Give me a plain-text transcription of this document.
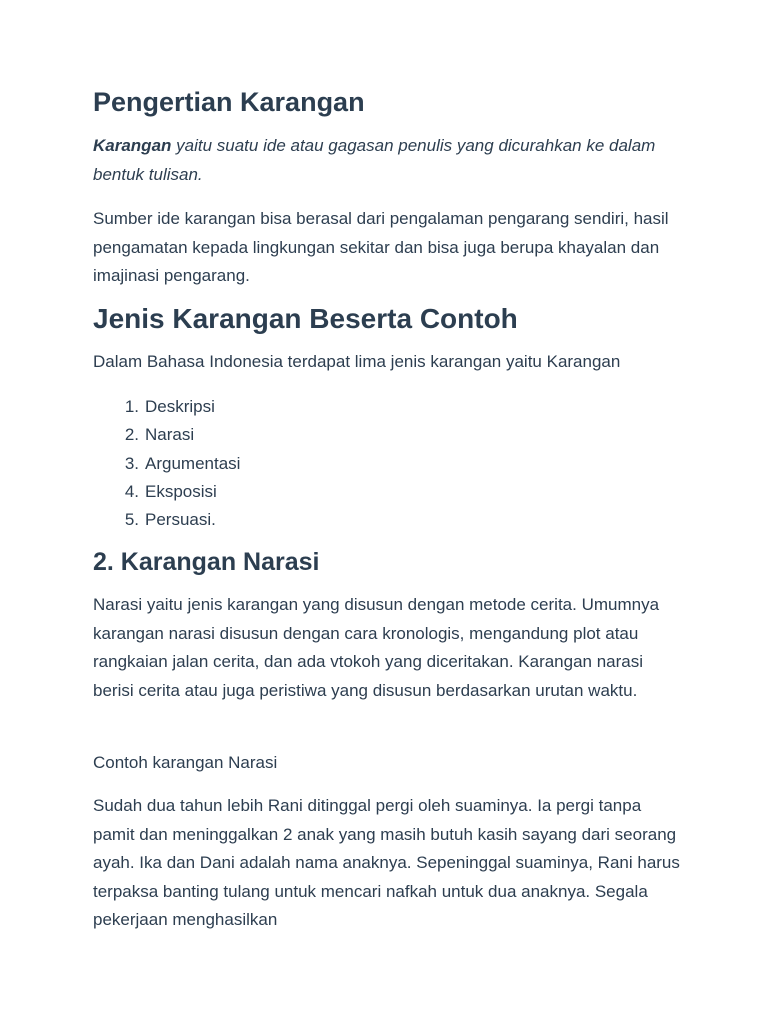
Pengertian Karangan

Karangan yaitu suatu ide atau gagasan penulis yang dicurahkan ke dalam bentuk tulisan.

Sumber ide karangan bisa berasal dari pengalaman pengarang sendiri, hasil pengamatan kepada lingkungan sekitar dan bisa juga berupa khayalan dan imajinasi pengarang.

Jenis Karangan Beserta Contoh

Dalam Bahasa Indonesia terdapat lima jenis karangan yaitu Karangan

1. Deskripsi
2. Narasi
3. Argumentasi
4. Eksposisi
5. Persuasi.
2. Karangan Narasi

Narasi yaitu jenis karangan yang disusun dengan metode cerita. Umumnya karangan narasi disusun dengan cara kronologis, mengandung plot atau rangkaian jalan cerita, dan ada vtokoh yang diceritakan. Karangan narasi berisi cerita atau juga peristiwa yang disusun berdasarkan urutan waktu.

Contoh karangan Narasi

Sudah dua tahun lebih Rani ditinggal pergi oleh suaminya. Ia pergi tanpa pamit dan meninggalkan 2 anak yang masih butuh kasih sayang dari seorang ayah. Ika dan Dani adalah nama anaknya. Sepeninggal suaminya, Rani harus terpaksa banting tulang untuk mencari nafkah untuk dua anaknya. Segala pekerjaan menghasilkan
